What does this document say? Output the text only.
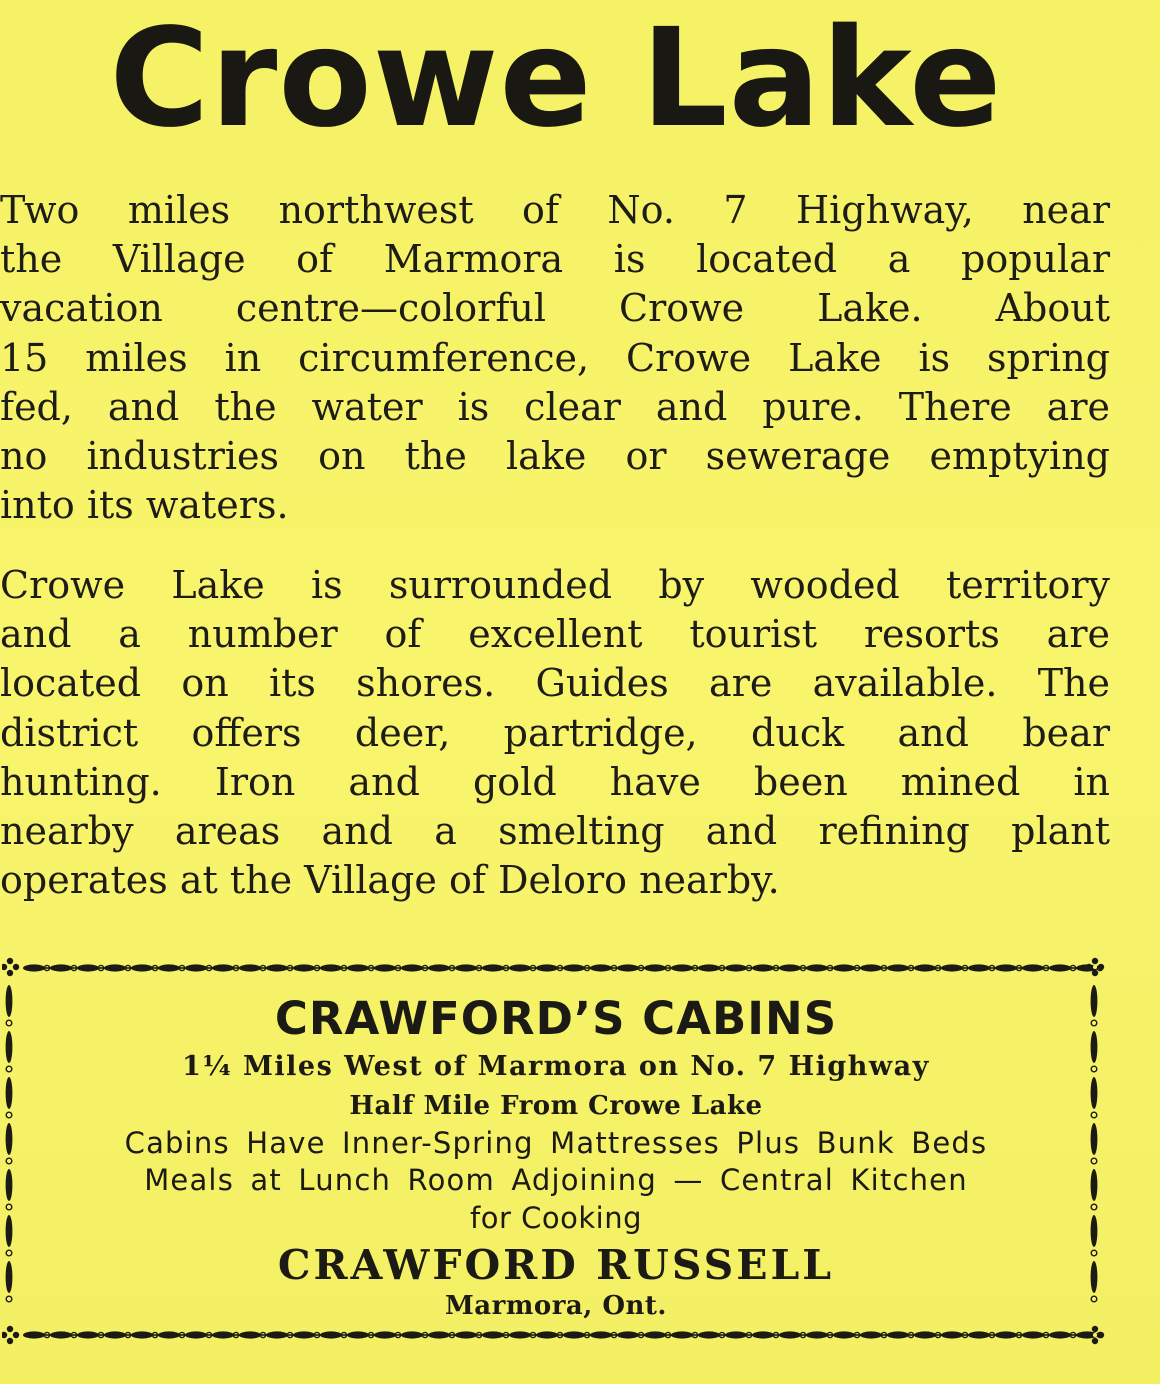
Crowe Lake
Two miles northwest of No. 7 Highway, near
the Village of Marmora is located a popular
vacation centre—colorful Crowe Lake. About
15 miles in circumference, Crowe Lake is spring
fed, and the water is clear and pure. There are
no industries on the lake or sewerage emptying
into its waters.
Crowe Lake is surrounded by wooded territory
and a number of excellent tourist resorts are
located on its shores. Guides are available. The
district offers deer, partridge, duck and bear
hunting. Iron and gold have been mined in
nearby areas and a smelting and refining plant
operates at the Village of Deloro nearby.

CRAWFORD’S CABINS

1¼ Miles West of Marmora on No. 7 Highway

Half Mile From Crowe Lake

Cabins Have Inner-Spring Mattresses Plus Bunk Beds

Meals at Lunch Room Adjoining — Central Kitchen

for Cooking

CRAWFORD RUSSELL

Marmora, Ont.
